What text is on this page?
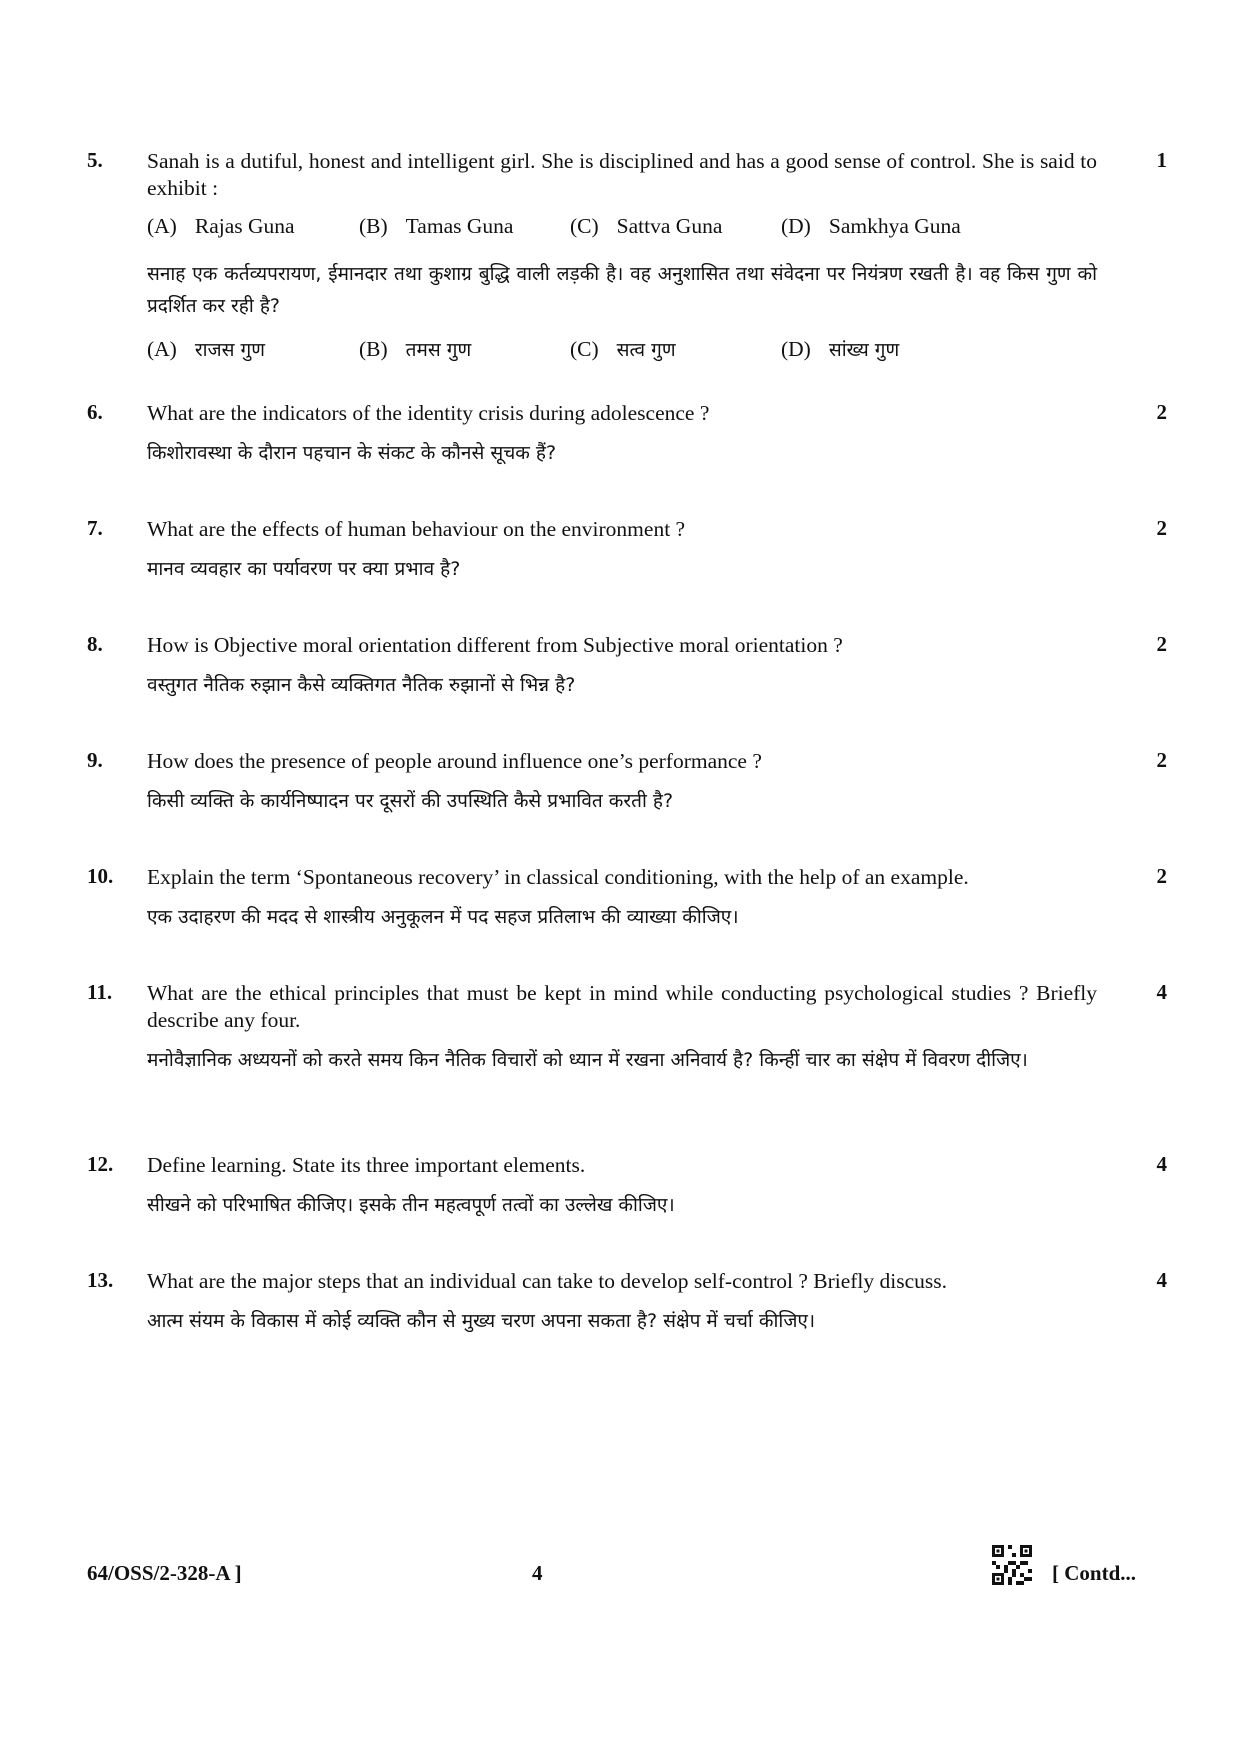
5. Sanah is a dutiful, honest and intelligent girl. She is disciplined and has a good sense of control. She is said to exhibit :

(A) Rajas Guna	(B) Tamas Guna	(C) Sattva Guna	(D) Samkhya Guna

सनाह एक कर्तव्यपरायण, ईमानदार तथा कुशाग्र बुद्धि वाली लड़की है। वह अनुशासित तथा संवेदना पर नियंत्रण रखती है। वह किस गुण को प्रदर्शित कर रही है?

(A) राजस गुण	(B) तमस गुण	(C) सत्व गुण	(D) सांख्य गुण
1
6. What are the indicators of the identity crisis during adolescence ?

किशोरावस्था के दौरान पहचान के संकट के कौनसे सूचक हैं?

2
7. What are the effects of human behaviour on the environment ?

मानव व्यवहार का पर्यावरण पर क्या प्रभाव है?

2
8. How is Objective moral orientation different from Subjective moral orientation ?

वस्तुगत नैतिक रुझान कैसे व्यक्तिगत नैतिक रुझानों से भिन्न है?

2
9. How does the presence of people around influence one’s performance ?

किसी व्यक्ति के कार्यनिष्पादन पर दूसरों की उपस्थिति कैसे प्रभावित करती है?

2
10. Explain the term ‘Spontaneous recovery’ in classical conditioning, with the help of an example.

एक उदाहरण की मदद से शास्त्रीय अनुकूलन में पद सहज प्रतिलाभ की व्याख्या कीजिए।

2
11. What are the ethical principles that must be kept in mind while conducting psychological studies ? Briefly describe any four.

मनोवैज्ञानिक अध्ययनों को करते समय किन नैतिक विचारों को ध्यान में रखना अनिवार्य है? किन्हीं चार का संक्षेप में विवरण दीजिए।

4
12. Define learning. State its three important elements.

सीखने को परिभाषित कीजिए। इसके तीन महत्वपूर्ण तत्वों का उल्लेख कीजिए।

4
13. What are the major steps that an individual can take to develop self-control ? Briefly discuss.

आत्म संयम के विकास में कोई व्यक्ति कौन से मुख्य चरण अपना सकता है? संक्षेप में चर्चा कीजिए।

4
64/OSS/2-328-A ]	4	[ Contd...
